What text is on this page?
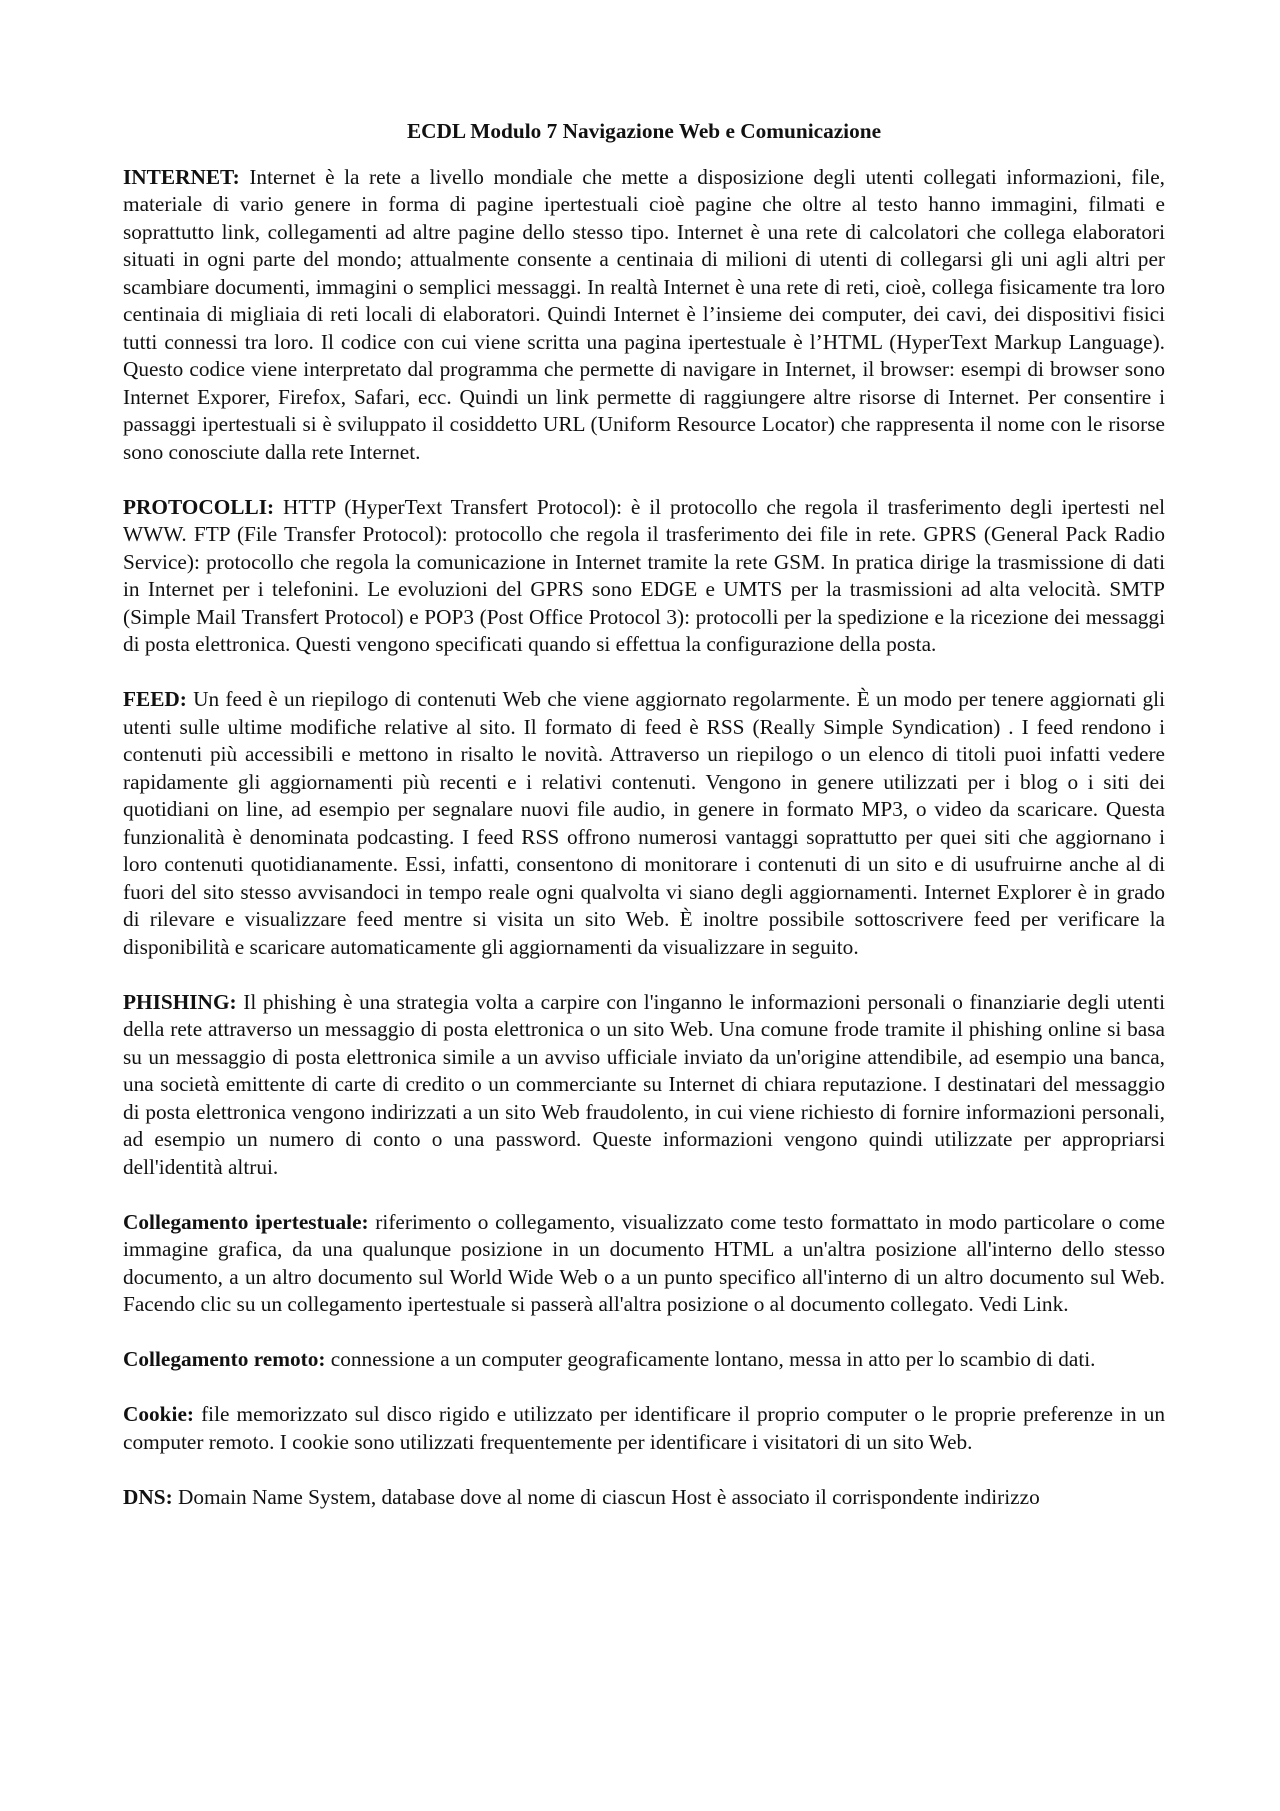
ECDL Modulo 7 Navigazione Web e Comunicazione

INTERNET: Internet è la rete a livello mondiale che mette a disposizione degli utenti collegati informazioni, file, materiale di vario genere in forma di pagine ipertestuali cioè pagine che oltre al testo hanno immagini, filmati e soprattutto link, collegamenti ad altre pagine dello stesso tipo. Internet è una rete di calcolatori che collega elaboratori situati in ogni parte del mondo; attualmente consente a centinaia di milioni di utenti di collegarsi gli uni agli altri per scambiare documenti, immagini o semplici messaggi. In realtà Internet è una rete di reti, cioè, collega fisicamente tra loro centinaia di migliaia di reti locali di elaboratori. Quindi Internet è l’insieme dei computer, dei cavi, dei dispositivi fisici tutti connessi tra loro. Il codice con cui viene scritta una pagina ipertestuale è l’HTML (HyperText Markup Language). Questo codice viene interpretato dal programma che permette di navigare in Internet, il browser: esempi di browser sono Internet Exporer, Firefox, Safari, ecc. Quindi un link permette di raggiungere altre risorse di Internet. Per consentire i passaggi ipertestuali si è sviluppato il cosiddetto URL (Uniform Resource Locator) che rappresenta il nome con le risorse sono conosciute dalla rete Internet.

PROTOCOLLI: HTTP (HyperText Transfert Protocol): è il protocollo che regola il trasferimento degli ipertesti nel WWW. FTP (File Transfer Protocol): protocollo che regola il trasferimento dei file in rete. GPRS (General Pack Radio Service): protocollo che regola la comunicazione in Internet tramite la rete GSM. In pratica dirige la trasmissione di dati in Internet per i telefonini. Le evoluzioni del GPRS sono EDGE e UMTS per la trasmissioni ad alta velocità. SMTP (Simple Mail Transfert Protocol) e POP3 (Post Office Protocol 3): protocolli per la spedizione e la ricezione dei messaggi di posta elettronica. Questi vengono specificati quando si effettua la configurazione della posta.

FEED: Un feed è un riepilogo di contenuti Web che viene aggiornato regolarmente. È un modo per tenere aggiornati gli utenti sulle ultime modifiche relative al sito. Il formato di feed è RSS (Really Simple Syndication) . I feed rendono i contenuti più accessibili e mettono in risalto le novità. Attraverso un riepilogo o un elenco di titoli puoi infatti vedere rapidamente gli aggiornamenti più recenti e i relativi contenuti. Vengono in genere utilizzati per i blog o i siti dei quotidiani on line, ad esempio per segnalare nuovi file audio, in genere in formato MP3, o video da scaricare. Questa funzionalità è denominata podcasting. I feed RSS offrono numerosi vantaggi soprattutto per quei siti che aggiornano i loro contenuti quotidianamente. Essi, infatti, consentono di monitorare i contenuti di un sito e di usufruirne anche al di fuori del sito stesso avvisandoci in tempo reale ogni qualvolta vi siano degli aggiornamenti. Internet Explorer è in grado di rilevare e visualizzare feed mentre si visita un sito Web. È inoltre possibile sottoscrivere feed per verificare la disponibilità e scaricare automaticamente gli aggiornamenti da visualizzare in seguito.

PHISHING: Il phishing è una strategia volta a carpire con l'inganno le informazioni personali o finanziarie degli utenti della rete attraverso un messaggio di posta elettronica o un sito Web. Una comune frode tramite il phishing online si basa su un messaggio di posta elettronica simile a un avviso ufficiale inviato da un'origine attendibile, ad esempio una banca, una società emittente di carte di credito o un commerciante su Internet di chiara reputazione. I destinatari del messaggio di posta elettronica vengono indirizzati a un sito Web fraudolento, in cui viene richiesto di fornire informazioni personali, ad esempio un numero di conto o una password. Queste informazioni vengono quindi utilizzate per appropriarsi dell'identità altrui.

Collegamento ipertestuale: riferimento o collegamento, visualizzato come testo formattato in modo particolare o come immagine grafica, da una qualunque posizione in un documento HTML a un'altra posizione all'interno dello stesso documento, a un altro documento sul World Wide Web o a un punto specifico all'interno di un altro documento sul Web. Facendo clic su un collegamento ipertestuale si passerà all'altra posizione o al documento collegato. Vedi Link.

Collegamento remoto: connessione a un computer geograficamente lontano, messa in atto per lo scambio di dati.

Cookie: file memorizzato sul disco rigido e utilizzato per identificare il proprio computer o le proprie preferenze in un computer remoto. I cookie sono utilizzati frequentemente per identificare i visitatori di un sito Web.

DNS: Domain Name System, database dove al nome di ciascun Host è associato il corrispondente indirizzo
